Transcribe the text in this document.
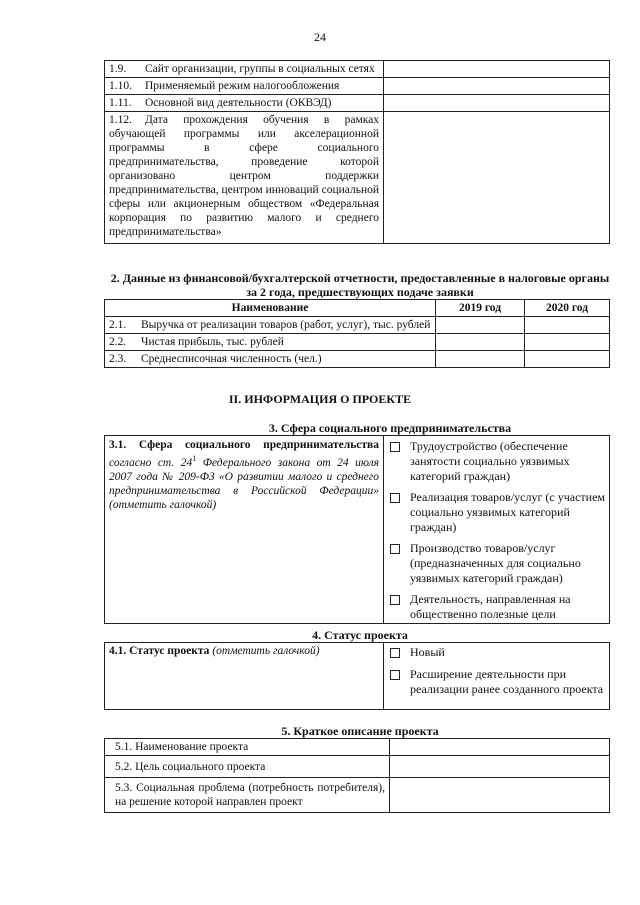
24
1.9. Сайт организации, группы в социальных сетях	
1.10. Применяемый режим налогообложения	
1.11. Основной вид деятельности (ОКВЭД)	
1.12. Дата прохождения обучения в рамках обучающей программы или акселерационной программы в сфере социального предпринимательства, проведение которой организовано центром поддержки предпринимательства, центром инноваций социальной сферы или акционерным обществом «Федеральная корпорация по развитию малого и среднего предпринимательства»	
2. Данные из финансовой/бухгалтерской отчетности, предоставленные в налоговые органы за 2 года, предшествующих подаче заявки
Наименование	2019 год	2020 год
2.1. Выручка от реализации товаров (работ, услуг), тыс. рублей		
2.2. Чистая прибыль, тыс. рублей		
2.3. Среднесписочная численность (чел.)		
II. ИНФОРМАЦИЯ О ПРОЕКТЕ
3. Сфера социального предпринимательства
3.1. Сфера социального предпринимательства согласно ст. $24^1$ Федерального закона от 24 июля 2007 года № 209-ФЗ «О развитии малого и среднего предпринимательства в Российской Федерации» (отметить галочкой)	
Трудоустройство (обеспечение занятости социально уязвимых категорий граждан)
Реализация товаров/услуг (с участием социально уязвимых категорий граждан)
Производство товаров/услуг (предназначенных для социально уязвимых категорий граждан)
Деятельность, направленная на общественно полезные цели
4. Статус проекта
4.1. Статус проекта (отметить галочкой)	Новый
Расширение деятельности при реализации ранее созданного проекта
5. Краткое описание проекта
5.1. Наименование проекта	
5.2. Цель социального проекта	
5.3. Социальная проблема (потребность потребителя), на решение которой направлен проект	
